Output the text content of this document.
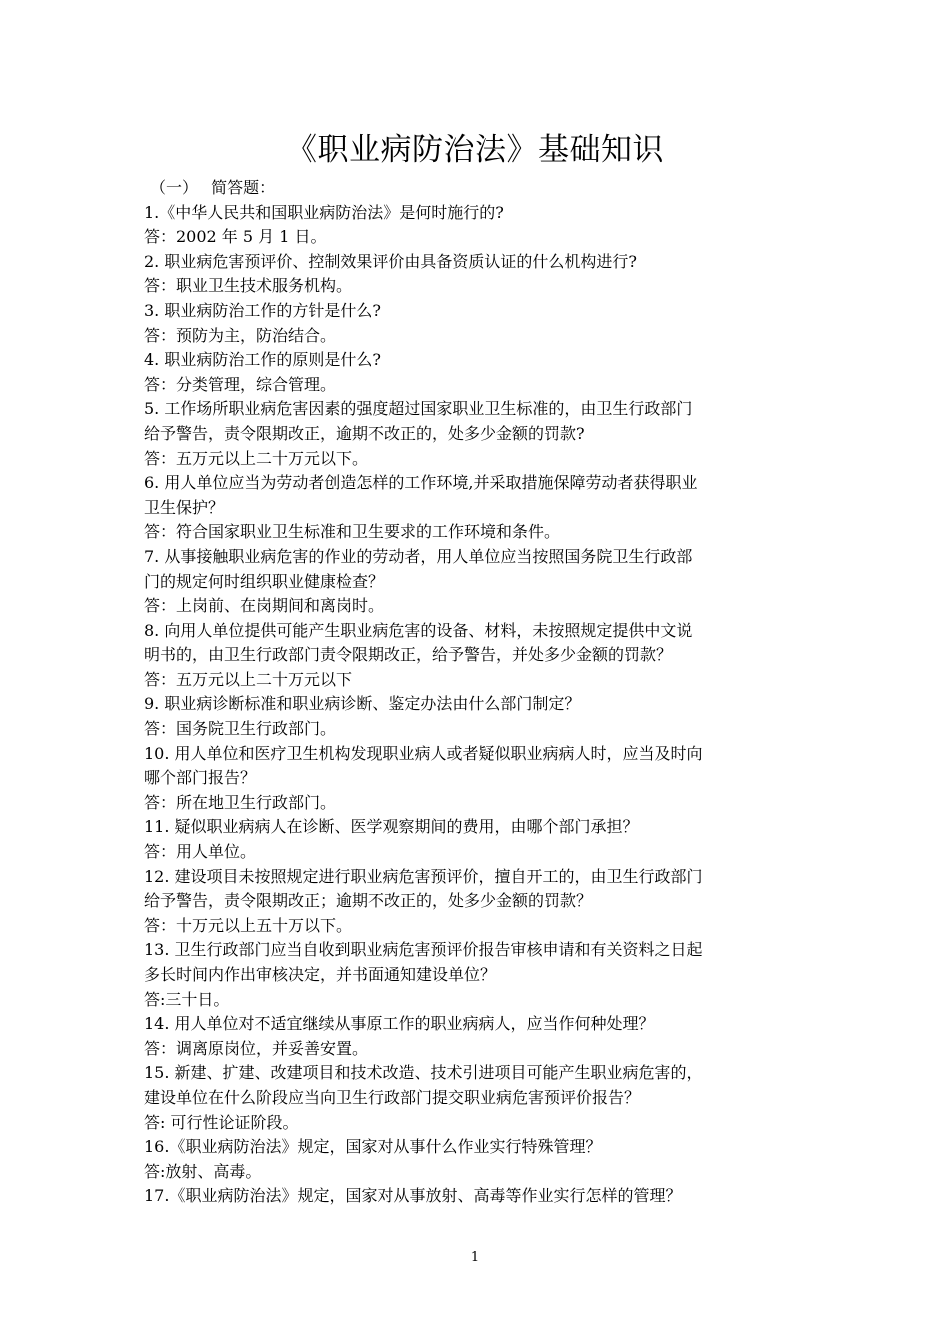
《职业病防治法》基础知识
（一）　 简答题：
1.《中华人民共和国职业病防治法》是何时施行的?
答：2002 年 5 月 1 日。
2. 职业病危害预评价、控制效果评价由具备资质认证的什么机构进行?
答：职业卫生技术服务机构。
3. 职业病防治工作的方针是什么?
答：预防为主，防治结合。
4. 职业病防治工作的原则是什么?
答：分类管理，综合管理。
5. 工作场所职业病危害因素的强度超过国家职业卫生标准的，由卫生行政部门
给予警告，责令限期改正，逾期不改正的，处多少金额的罚款?
答：五万元以上二十万元以下。
6. 用人单位应当为劳动者创造怎样的工作环境,并采取措施保障劳动者获得职业
卫生保护？
答：符合国家职业卫生标准和卫生要求的工作环境和条件。
7. 从事接触职业病危害的作业的劳动者，用人单位应当按照国务院卫生行政部
门的规定何时组织职业健康检查？
答：上岗前、在岗期间和离岗时。
8. 向用人单位提供可能产生职业病危害的设备、材料，未按照规定提供中文说
明书的，由卫生行政部门责令限期改正，给予警告，并处多少金额的罚款？
答：五万元以上二十万元以下
9. 职业病诊断标准和职业病诊断、鉴定办法由什么部门制定？
答：国务院卫生行政部门。
10. 用人单位和医疗卫生机构发现职业病人或者疑似职业病病人时，应当及时向
哪个部门报告？
答：所在地卫生行政部门。
11. 疑似职业病病人在诊断、医学观察期间的费用，由哪个部门承担？
答：用人单位。
12. 建设项目未按照规定进行职业病危害预评价，擅自开工的，由卫生行政部门
给予警告，责令限期改正；逾期不改正的，处多少金额的罚款？
答：十万元以上五十万以下。
13. 卫生行政部门应当自收到职业病危害预评价报告审核申请和有关资料之日起
多长时间内作出审核决定，并书面通知建设单位？
答:三十日。
14. 用人单位对不适宜继续从事原工作的职业病病人，应当作何种处理？
答：调离原岗位，并妥善安置。
15. 新建、扩建、改建项目和技术改造、技术引进项目可能产生职业病危害的，
建设单位在什么阶段应当向卫生行政部门提交职业病危害预评价报告？
答: 可行性论证阶段。
16.《职业病防治法》规定，国家对从事什么作业实行特殊管理？
答:放射、高毒。
17.《职业病防治法》规定，国家对从事放射、高毒等作业实行怎样的管理？
1
